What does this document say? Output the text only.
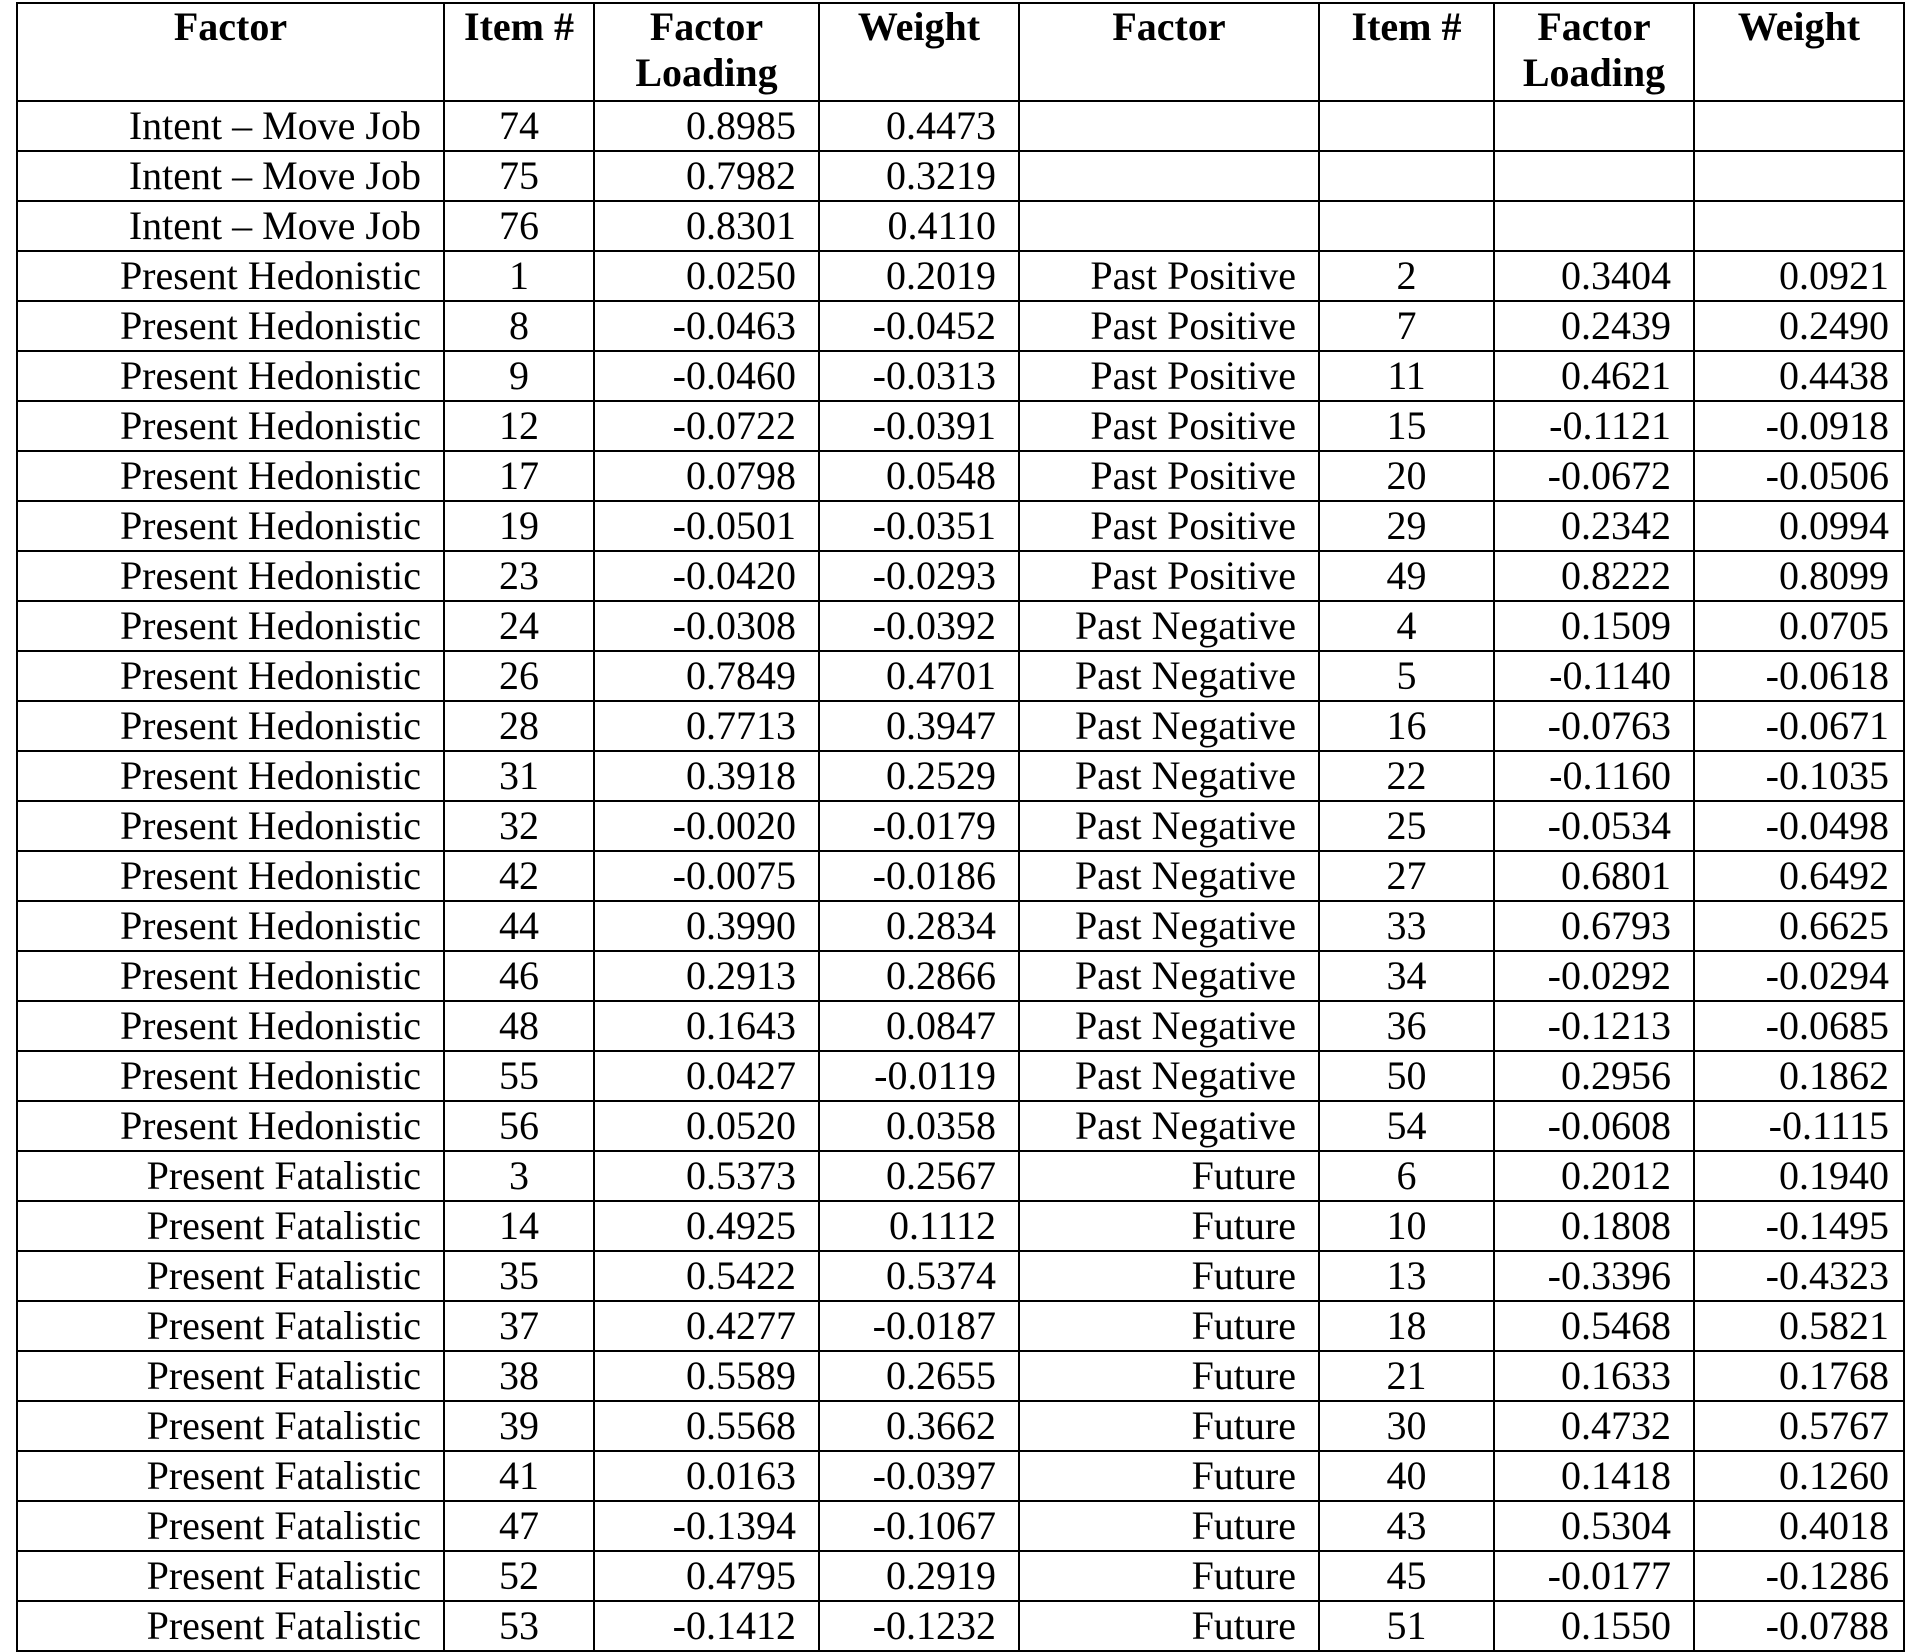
Factor	Item #	Factor Loading	Weight	Factor	Item #	Factor Loading	Weight
Intent – Move Job	74	0.8985	0.4473				
Intent – Move Job	75	0.7982	0.3219				
Intent – Move Job	76	0.8301	0.4110				
Present Hedonistic	1	0.0250	0.2019	Past Positive	2	0.3404	0.0921
Present Hedonistic	8	-0.0463	-0.0452	Past Positive	7	0.2439	0.2490
Present Hedonistic	9	-0.0460	-0.0313	Past Positive	11	0.4621	0.4438
Present Hedonistic	12	-0.0722	-0.0391	Past Positive	15	-0.1121	-0.0918
Present Hedonistic	17	0.0798	0.0548	Past Positive	20	-0.0672	-0.0506
Present Hedonistic	19	-0.0501	-0.0351	Past Positive	29	0.2342	0.0994
Present Hedonistic	23	-0.0420	-0.0293	Past Positive	49	0.8222	0.8099
Present Hedonistic	24	-0.0308	-0.0392	Past Negative	4	0.1509	0.0705
Present Hedonistic	26	0.7849	0.4701	Past Negative	5	-0.1140	-0.0618
Present Hedonistic	28	0.7713	0.3947	Past Negative	16	-0.0763	-0.0671
Present Hedonistic	31	0.3918	0.2529	Past Negative	22	-0.1160	-0.1035
Present Hedonistic	32	-0.0020	-0.0179	Past Negative	25	-0.0534	-0.0498
Present Hedonistic	42	-0.0075	-0.0186	Past Negative	27	0.6801	0.6492
Present Hedonistic	44	0.3990	0.2834	Past Negative	33	0.6793	0.6625
Present Hedonistic	46	0.2913	0.2866	Past Negative	34	-0.0292	-0.0294
Present Hedonistic	48	0.1643	0.0847	Past Negative	36	-0.1213	-0.0685
Present Hedonistic	55	0.0427	-0.0119	Past Negative	50	0.2956	0.1862
Present Hedonistic	56	0.0520	0.0358	Past Negative	54	-0.0608	-0.1115
Present Fatalistic	3	0.5373	0.2567	Future	6	0.2012	0.1940
Present Fatalistic	14	0.4925	0.1112	Future	10	0.1808	-0.1495
Present Fatalistic	35	0.5422	0.5374	Future	13	-0.3396	-0.4323
Present Fatalistic	37	0.4277	-0.0187	Future	18	0.5468	0.5821
Present Fatalistic	38	0.5589	0.2655	Future	21	0.1633	0.1768
Present Fatalistic	39	0.5568	0.3662	Future	30	0.4732	0.5767
Present Fatalistic	41	0.0163	-0.0397	Future	40	0.1418	0.1260
Present Fatalistic	47	-0.1394	-0.1067	Future	43	0.5304	0.4018
Present Fatalistic	52	0.4795	0.2919	Future	45	-0.0177	-0.1286
Present Fatalistic	53	-0.1412	-0.1232	Future	51	0.1550	-0.0788
